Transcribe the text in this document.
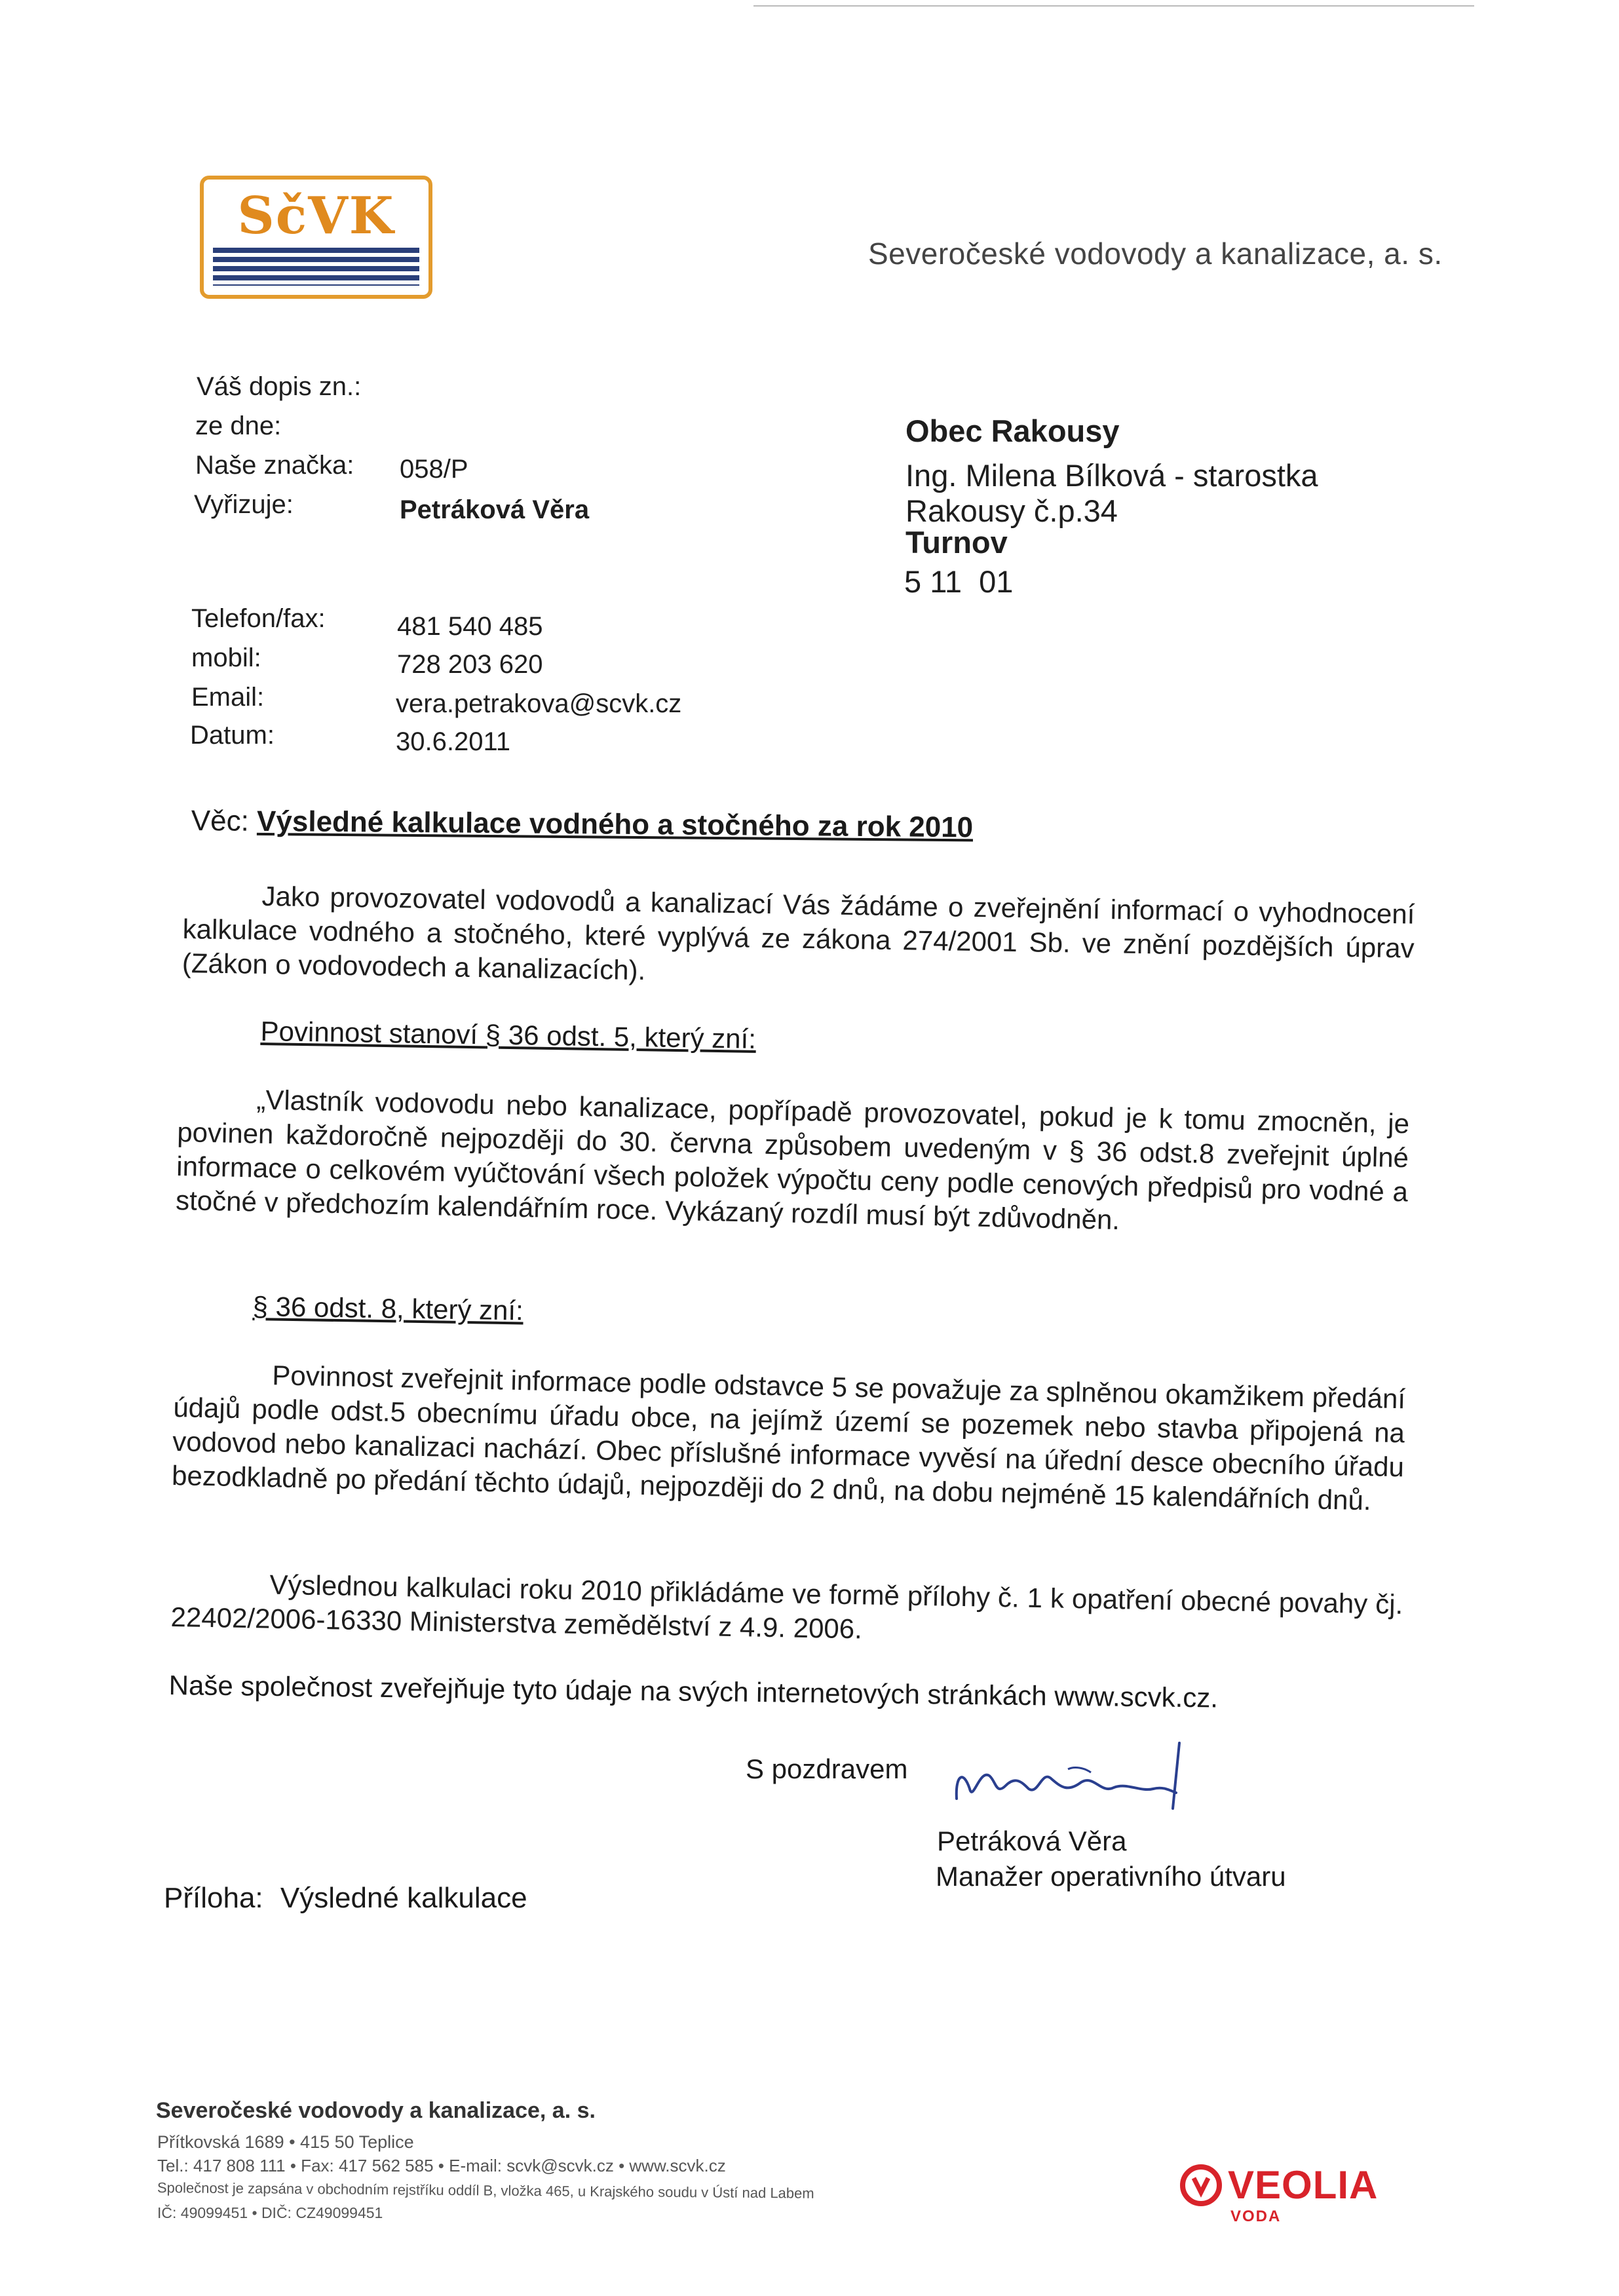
SčVK
Severočeské vodovody a kanalizace, a. s.
Váš dopis zn.:
ze dne:
Naše značka: 058/P
Vyřizuje:	Petráková Věra
Telefon/fax:	481 540 485
mobil:	728 203 620
Email:	vera.petrakova@scvk.cz
Datum:	30.6.2011
Obec Rakousy
Ing. Milena Bílková - starostka
Rakousy č.p.34
Turnov
5 11  01
Věc: Výsledné kalkulace vodného a stočného za rok 2010
Jako provozovatel vodovodů a kanalizací Vás žádáme o zveřejnění informací o vyhodnocení kalkulace vodného a stočného, které vyplývá ze zákona 274/2001 Sb. ve znění pozdějších úprav (Zákon o vodovodech a kanalizacích).
Povinnost stanoví § 36 odst. 5, který zní:
„Vlastník vodovodu nebo kanalizace, popřípadě provozovatel, pokud je k tomu zmocněn, je povinen každoročně nejpozději do 30. června způsobem uvedeným v § 36 odst.8 zveřejnit úplné informace o celkovém vyúčtování všech položek výpočtu ceny podle cenových předpisů pro vodné a stočné v předchozím kalendářním roce. Vykázaný rozdíl musí být zdůvodněn.
§ 36 odst. 8, který zní:
Povinnost zveřejnit informace podle odstavce 5 se považuje za splněnou okamžikem předání údajů podle odst.5 obecnímu úřadu obce, na jejímž území se pozemek nebo stavba připojená na vodovod nebo kanalizaci nachází. Obec příslušné informace vyvěsí na úřední desce obecního úřadu bezodkladně po předání těchto údajů, nejpozději do 2 dnů, na dobu nejméně 15 kalendářních dnů.
Výslednou kalkulaci roku 2010 přikládáme ve formě přílohy č. 1 k opatření obecné povahy čj. 22402/2006-16330 Ministerstva zemědělství z 4.9. 2006.
Naše společnost zveřejňuje tyto údaje na svých internetových stránkách www.scvk.cz.
S pozdravem
Petráková Věra
Manažer operativního útvaru
Příloha: Výsledné kalkulace
Severočeské vodovody a kanalizace, a. s.
Přítkovská 1689 • 415 50 Teplice
Tel.: 417 808 111 • Fax: 417 562 585 • E-mail: scvk@scvk.cz • www.scvk.cz
Společnost je zapsána v obchodním rejstříku oddíl B, vložka 465, u Krajského soudu v Ústí nad Labem
IČ: 49099451 • DIČ: CZ49099451
VEOLIA
VODA
